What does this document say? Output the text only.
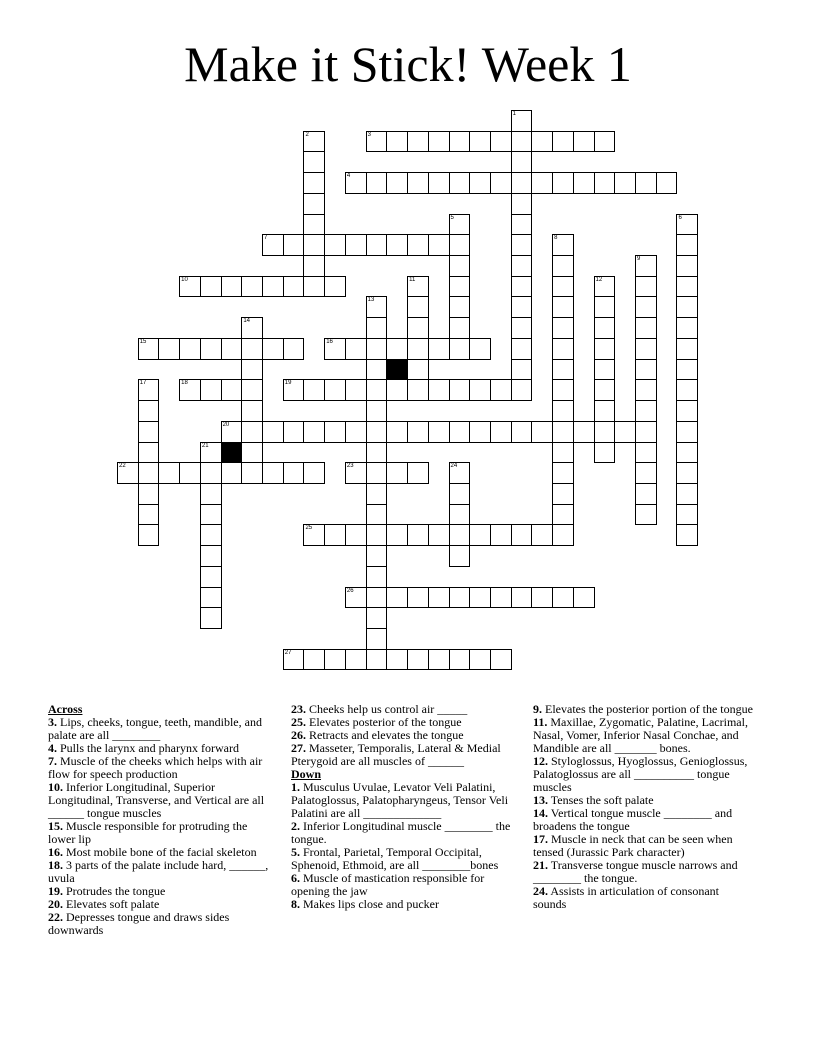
Make it Stick! Week 1
1
2	3
4
5	6
7	8
9
10	11	12
13
14
15	16
17	18	19
20
21
22	23	24
25
26
27

Across

3. Lips, cheeks, tongue, teeth, mandible, and palate are all ________

4. Pulls the larynx and pharynx forward

7. Muscle of the cheeks which helps with air flow for speech production

10. Inferior Longitudinal, Superior Longitudinal, Transverse, and Vertical are all ______ tongue muscles

15. Muscle responsible for protruding the lower lip

16. Most mobile bone of the facial skeleton

18. 3 parts of the palate include hard, ______, uvula

19. Protrudes the tongue

20. Elevates soft palate

22. Depresses tongue and draws sides downwards

23. Cheeks help us control air _____

25. Elevates posterior of the tongue

26. Retracts and elevates the tongue

27. Masseter, Temporalis, Lateral & Medial Pterygoid are all muscles of ______

Down

1. Musculus Uvulae, Levator Veli Palatini, Palatoglossus, Palatopharyngeus, Tensor Veli Palatini are all _____________

2. Inferior Longitudinal muscle ________ the tongue.

5. Frontal, Parietal, Temporal Occipital, Sphenoid, Ethmoid, are all ________bones

6. Muscle of mastication responsible for opening the jaw

8. Makes lips close and pucker

9. Elevates the posterior portion of the tongue

11. Maxillae, Zygomatic, Palatine, Lacrimal, Nasal, Vomer, Inferior Nasal Conchae, and Mandible are all _______ bones.

12. Styloglossus, Hyoglossus, Genioglossus, Palatoglossus are all __________ tongue muscles

13. Tenses the soft palate

14. Vertical tongue muscle ________ and broadens the tongue

17. Muscle in neck that can be seen when tensed (Jurassic Park character)

21. Transverse tongue muscle narrows and ________ the tongue.

24. Assists in articulation of consonant sounds
